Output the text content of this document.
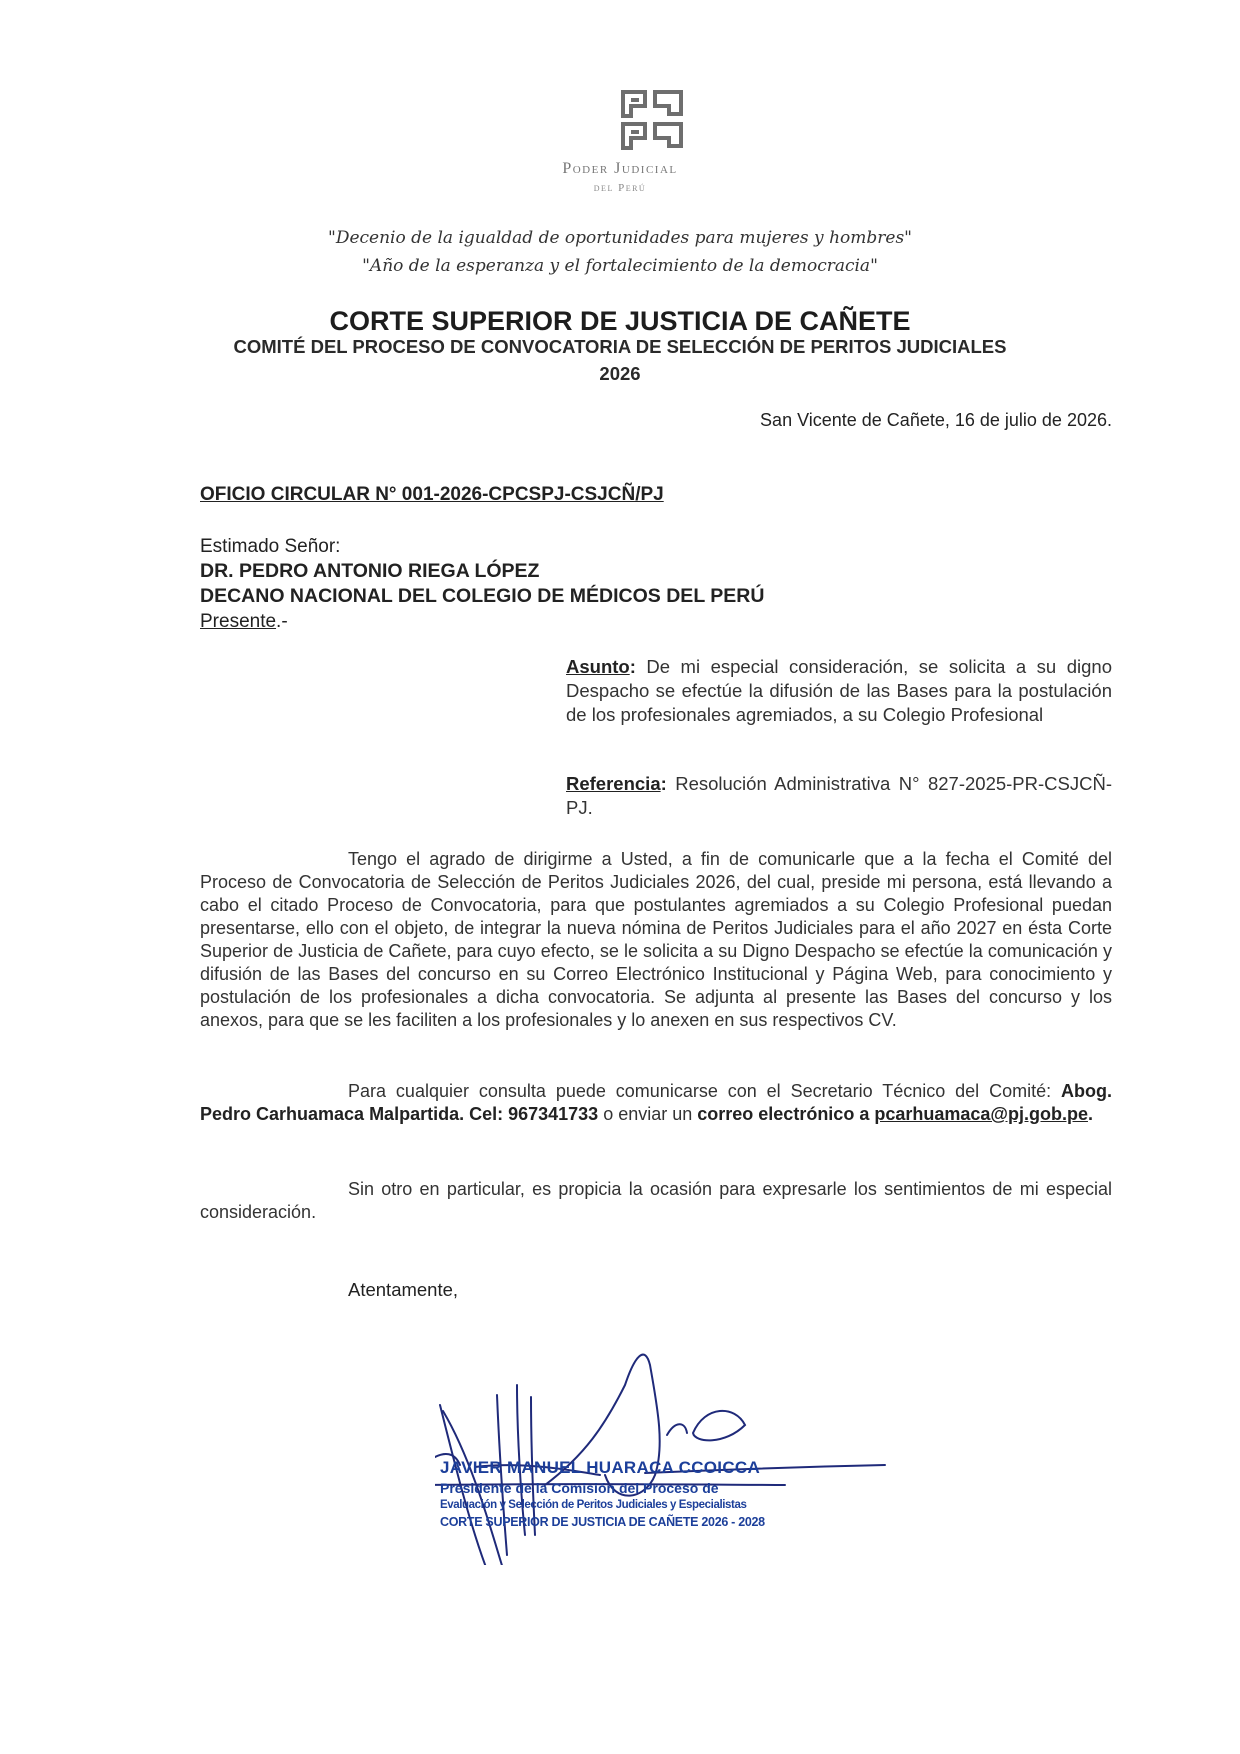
Poder Judicial
del Perú
"Decenio de la igualdad de oportunidades para mujeres y hombres"
"Año de la esperanza y el fortalecimiento de la democracia"
CORTE SUPERIOR DE JUSTICIA DE CAÑETE
COMITÉ DEL PROCESO DE CONVOCATORIA DE SELECCIÓN DE PERITOS JUDICIALES
2026
San Vicente de Cañete, 16 de julio de 2026.
OFICIO CIRCULAR N° 001-2026-CPCSPJ-CSJCÑ/PJ
Estimado Señor:
DR. PEDRO ANTONIO RIEGA LÓPEZ
DECANO NACIONAL DEL COLEGIO DE MÉDICOS DEL PERÚ
Presente.-
Asunto: De mi especial consideración, se solicita a su digno Despacho se efectúe la difusión de las Bases para la postulación de los profesionales agremiados, a su Colegio Profesional
Referencia: Resolución Administrativa N° 827-2025-PR-CSJCÑ-PJ.
Tengo el agrado de dirigirme a Usted, a fin de comunicarle que a la fecha el Comité del Proceso de Convocatoria de Selección de Peritos Judiciales 2026, del cual, preside mi persona, está llevando a cabo el citado Proceso de Convocatoria, para que postulantes agremiados a su Colegio Profesional puedan presentarse, ello con el objeto, de integrar la nueva nómina de Peritos Judiciales para el año 2027 en ésta Corte Superior de Justicia de Cañete, para cuyo efecto, se le solicita a su Digno Despacho se efectúe la comunicación y difusión de las Bases del concurso en su Correo Electrónico Institucional y Página Web, para conocimiento y postulación de los profesionales a dicha convocatoria. Se adjunta al presente las Bases del concurso y los anexos, para que se les faciliten a los profesionales y lo anexen en sus respectivos CV.
Para cualquier consulta puede comunicarse con el Secretario Técnico del Comité: Abog. Pedro Carhuamaca Malpartida. Cel: 967341733 o enviar un correo electrónico a pcarhuamaca@pj.gob.pe.
Sin otro en particular, es propicia la ocasión para expresarle los sentimientos de mi especial consideración.
Atentamente,
JAVIER MANUEL HUARACA CCOICCA
Presidente de la Comisión del Proceso de
Evaluación y Selección de Peritos Judiciales y Especialistas
CORTE SUPERIOR DE JUSTICIA DE CAÑETE 2026 - 2028
